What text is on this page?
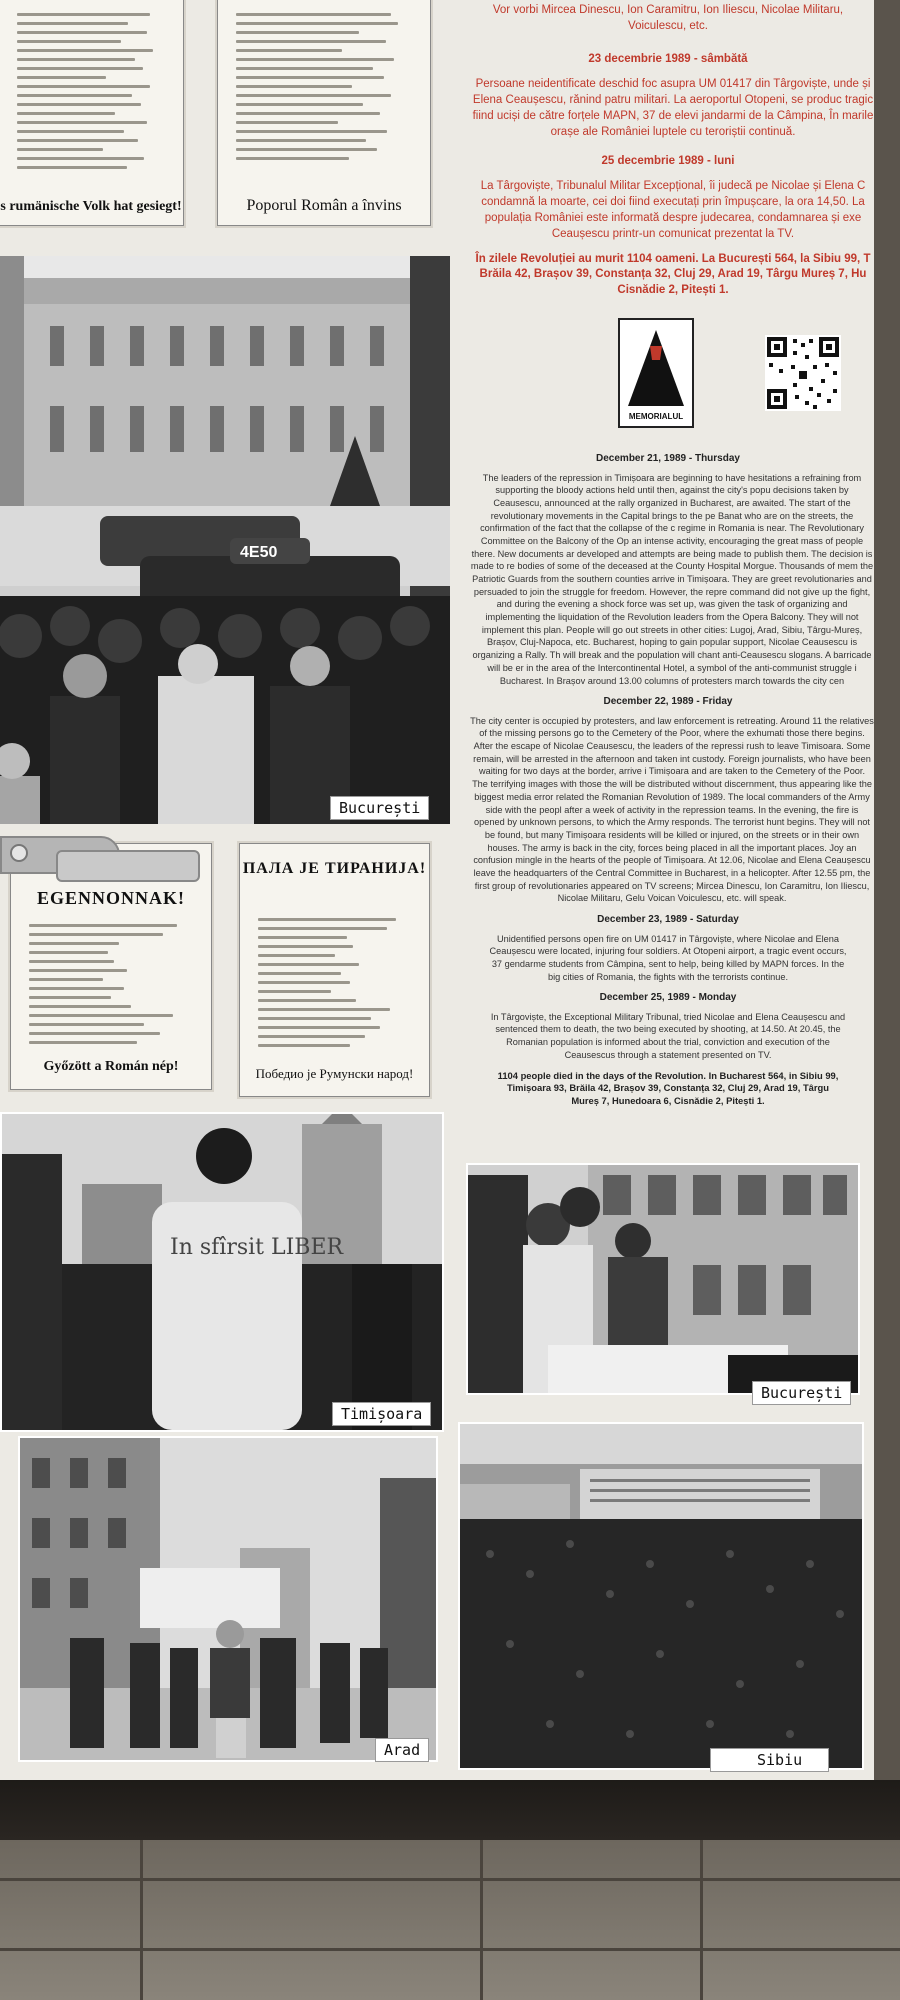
s rumänische Volk hat gesiegt!	Poporul Român a învins
4E50
București
EGENNONNAK!
Győzött a Román nép!
ПАЛА ЈЕ ТИРАНИЈА!
Победио је Румунски народ!
In sfîrsit LIBER
Timișoara
București
Arad
Sibiu
Vor vorbi Mircea Dinescu, Ion Caramitru, Ion Iliescu, Nicolae Militaru,
Voiculescu, etc.
23 decembrie 1989 - sâmbătă
Persoane neidentificate deschid foc asupra UM 01417 din Târgoviște, unde și Elena Ceaușescu, rănind patru militari. La aeroportul Otopeni, se produc tragic fiind uciși de către forțele MAPN, 37 de elevi jandarmi de la Câmpina, În marile orașe ale României luptele cu teroriștii continuă.
25 decembrie 1989 - luni
La Târgoviște, Tribunalul Militar Excepțional, îi judecă pe Nicolae și Elena C condamnă la moarte, cei doi fiind executați prin împușcare, la ora 14,50. La populația României este informată despre judecarea, condamnarea și exe Ceaușescu printr-un comunicat prezentat la TV.
În zilele Revoluției au murit 1104 oameni. La București 564, la Sibiu 99, T Brăila 42, Brașov 39, Constanța 32, Cluj 29, Arad 19, Târgu Mureș 7, Hu Cisnădie 2, Pitești 1.
MEMORIALUL
December 21, 1989 - Thursday
The leaders of the repression in Timișoara are beginning to have hesitations a refraining from supporting the bloody actions held until then, against the city's popu decisions taken by Ceausescu, announced at the rally organized in Bucharest, are awaited. The start of the revolutionary movements in the Capital brings to the pe Banat who are on the streets, the confirmation of the fact that the collapse of the c regime in Romania is near. The Revolutionary Committee on the Balcony of the Op an intense activity, encouraging the great mass of people there. New documents ar developed and attempts are being made to publish them. The decision is made to re bodies of some of the deceased at the County Hospital Morgue. Thousands of mem the Patriotic Guards from the southern counties arrive in Timișoara. They are greet revolutionaries and persuaded to join the struggle for freedom. However, the repre command did not give up the fight, and during the evening a shock force was set up, was given the task of organizing and implementing the liquidation of the Revolution leaders from the Opera Balcony. They will not implement this plan. People will go out streets in other cities: Lugoj, Arad, Sibiu, Târgu-Mureș, Brașov, Cluj-Napoca, etc. Bucharest, hoping to gain popular support, Nicolae Ceausescu is organizing a Rally. Th will break and the population will chant anti-Ceausescu slogans. A barricade will be er in the area of the Intercontinental Hotel, a symbol of the anti-communist struggle i Bucharest. In Brașov around 13.00 columns of protesters march towards the city cen
December 22, 1989 - Friday
The city center is occupied by protesters, and law enforcement is retreating. Around 11 the relatives of the missing persons go to the Cemetery of the Poor, where the exhumati those there begins. After the escape of Nicolae Ceausescu, the leaders of the repressi rush to leave Timisoara. Some remain, will be arrested in the afternoon and taken int custody. Foreign journalists, who have been waiting for two days at the border, arrive i Timișoara and are taken to the Cemetery of the Poor. The terrifying images with those the will be distributed without discernment, thus appearing like the biggest media error related the Romanian Revolution of 1989. The local commanders of the Army side with the peopl after a week of activity in the repression teams. In the evening, the fire is opened by unknown persons, to which the Army responds. The terrorist hunt begins. They will not be found, but many Timișoara residents will be killed or injured, on the streets or in their own houses. The army is back in the city, forces being placed in all the important places. Joy an confusion mingle in the hearts of the people of Timișoara. At 12.06, Nicolae and Elena Ceaușescu leave the headquarters of the Central Committee in Bucharest, in a helicopter. After 12.55 pm, the first group of revolutionaries appeared on TV screens; Mircea Dinescu, Ion Caramitru, Ion Iliescu, Nicolae Militaru, Gelu Voican Voiculescu, etc. will speak.
December 23, 1989 - Saturday
Unidentified persons open fire on UM 01417 in Târgoviște, where Nicolae and Elena Ceaușescu were located, injuring four soldiers. At Otopeni airport, a tragic event occurs, 37 gendarme students from Câmpina, sent to help, being killed by MAPN forces. In the big cities of Romania, the fights with the terrorists continue.
December 25, 1989 - Monday
In Târgoviște, the Exceptional Military Tribunal, tried Nicolae and Elena Ceaușescu and sentenced them to death, the two being executed by shooting, at 14.50. At 20.45, the Romanian population is informed about the trial, conviction and execution of the Ceausescus through a statement presented on TV.
1104 people died in the days of the Revolution. In Bucharest 564, in Sibiu 99, Timișoara 93, Brăila 42, Brașov 39, Constanța 32, Cluj 29, Arad 19, Târgu Mureș 7, Hunedoara 6, Cisnădie 2, Pitești 1.
